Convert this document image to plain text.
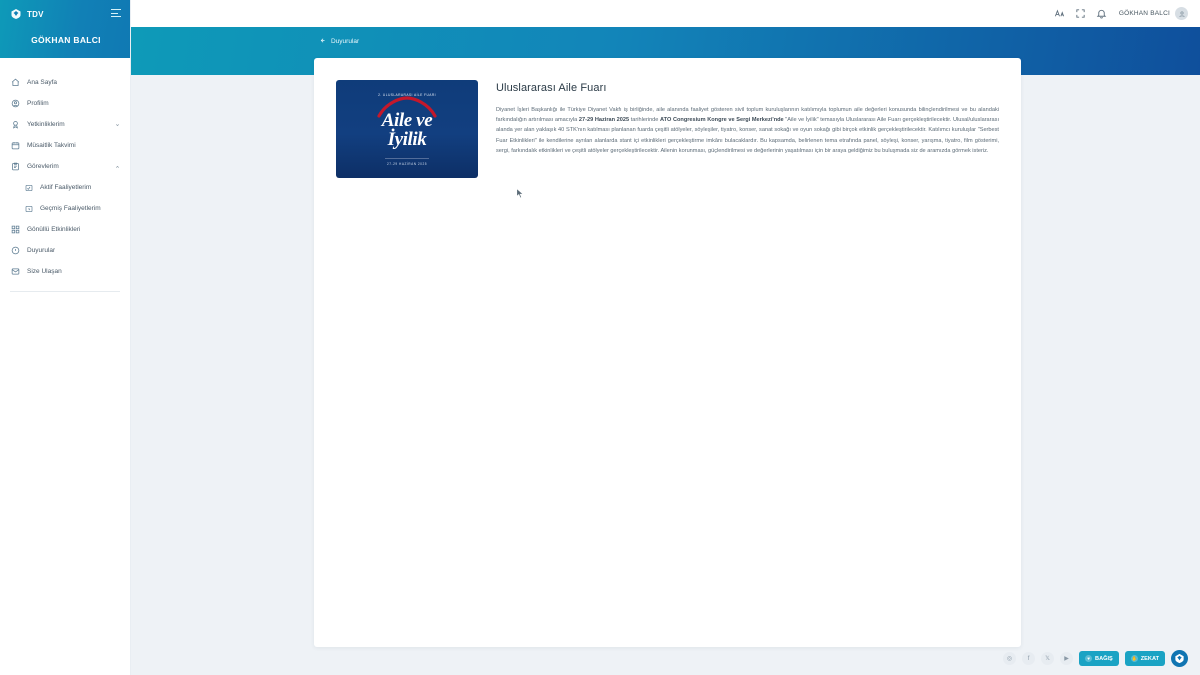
TDV
GÖKHAN BALCI
Ana Sayfa
Profilim
Yetkinliklerim
Müsaitlik Takvimi
Görevlerim
Aktif Faaliyetlerim
Geçmiş Faaliyetlerim
Gönüllü Etkinlikleri
Duyurular
Size Ulaşan
GÖKHAN BALCI
Duyurular
2. ULUSLARARASI AİLE FUARI
Aile ve
İyilik
27-29 HAZİRAN 2025
Uluslararası Aile Fuarı

Diyanet İşleri Başkanlığı ile Türkiye Diyanet Vakfı iş birliğinde, aile alanında faaliyet gösteren sivil toplum kuruluşlarının katılımıyla toplumun aile değerleri konusunda bilinçlendirilmesi ve bu alandaki farkındalığın artırılması amacıyla 27-29 Haziran 2025 tarihlerinde ATO Congresium Kongre ve Sergi Merkezi'nde "Aile ve İyilik" temasıyla Uluslararası Aile Fuarı gerçekleştirilecektir. Ulusal/uluslararası alanda yer alan yaklaşık 40 STK'nın katılması planlanan fuarda çeşitli atölyeler, söyleşiler, tiyatro, konser, sanat sokağı ve oyun sokağı gibi birçok etkinlik gerçekleştirilecektir. Katılımcı kuruluşlar "Serbest Fuar Etkinlikleri" ile kendilerine ayrılan alanlarda stant içi etkinlikleri gerçekleştirme imkânı bulacaklardır. Bu kapsamda, belirlenen tema etrafında panel, söyleşi, konser, yarışma, tiyatro, film gösterimi, sergi, farkındalık etkinlikleri ve çeşitli atölyeler gerçekleştirilecektir. Ailenin korunması, güçlendirilmesi ve değerlerinin yaşatılması için bir araya geldiğimiz bu buluşmada siz de aramızda görmek isteriz.

◎	f	𝕏	▶	♥ BAĞIŞ	✋ ZEKAT
